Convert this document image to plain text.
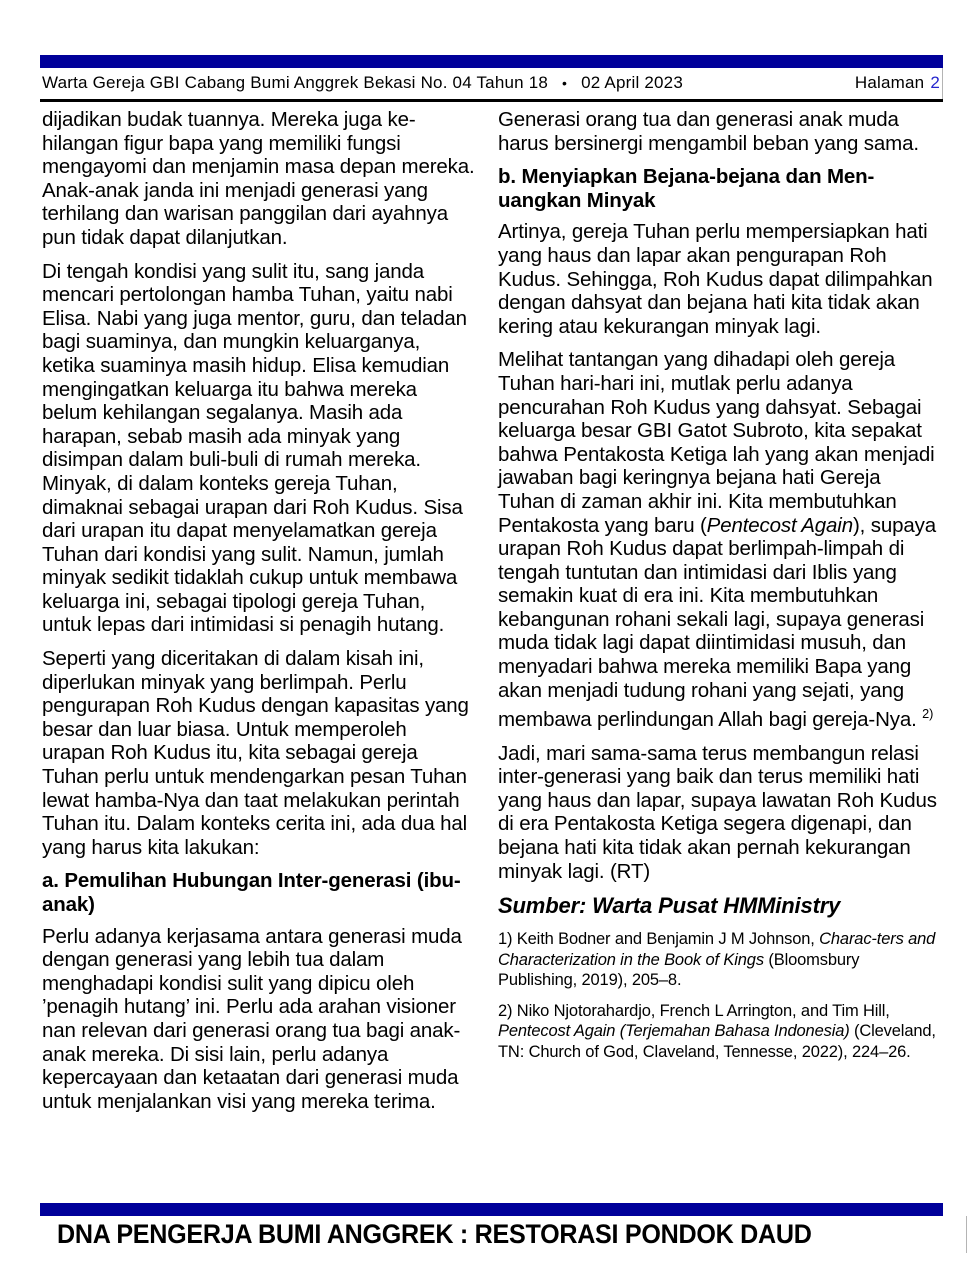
Warta Gereja GBI Cabang Bumi Anggrek Bekasi No. 04 Tahun 18 • 02 April 2023	Halaman 2

dijadikan budak tuannya. Mereka juga ke-hilangan figur bapa yang memiliki fungsi mengayomi dan menjamin masa depan mereka. Anak-anak janda ini menjadi generasi yang terhilang dan warisan panggilan dari ayahnya pun tidak dapat dilanjutkan.

Di tengah kondisi yang sulit itu, sang janda mencari pertolongan hamba Tuhan, yaitu nabi Elisa. Nabi yang juga mentor, guru, dan teladan bagi suaminya, dan mungkin keluarganya, ketika suaminya masih hidup. Elisa kemudian mengingatkan keluarga itu bahwa mereka belum kehilangan segalanya. Masih ada harapan, sebab masih ada minyak yang disimpan dalam buli-buli di rumah mereka. Minyak, di dalam konteks gereja Tuhan, dimaknai sebagai urapan dari Roh Kudus. Sisa dari urapan itu dapat menyelamatkan gereja Tuhan dari kondisi yang sulit. Namun, jumlah minyak sedikit tidaklah cukup untuk membawa keluarga ini, sebagai tipologi gereja Tuhan, untuk lepas dari intimidasi si penagih hutang.

Seperti yang diceritakan di dalam kisah ini, diperlukan minyak yang berlimpah. Perlu pengurapan Roh Kudus dengan kapasitas yang besar dan luar biasa. Untuk memperoleh urapan Roh Kudus itu, kita sebagai gereja Tuhan perlu untuk mendengarkan pesan Tuhan lewat hamba-Nya dan taat melakukan perintah Tuhan itu. Dalam konteks cerita ini, ada dua hal yang harus kita lakukan:

a. Pemulihan Hubungan Inter-generasi (ibu-anak)

Perlu adanya kerjasama antara generasi muda dengan generasi yang lebih tua dalam menghadapi kondisi sulit yang dipicu oleh ’penagih hutang’ ini. Perlu ada arahan visioner nan relevan dari generasi orang tua bagi anak-anak mereka. Di sisi lain, perlu adanya kepercayaan dan ketaatan dari generasi muda untuk menjalankan visi yang mereka terima.

Generasi orang tua dan generasi anak muda harus bersinergi mengambil beban yang sama.

b. Menyiapkan Bejana-bejana dan Men-uangkan Minyak

Artinya, gereja Tuhan perlu mempersiapkan hati yang haus dan lapar akan pengurapan Roh Kudus. Sehingga, Roh Kudus dapat dilimpahkan dengan dahsyat dan bejana hati kita tidak akan kering atau kekurangan minyak lagi.

Melihat tantangan yang dihadapi oleh gereja Tuhan hari-hari ini, mutlak perlu adanya pencurahan Roh Kudus yang dahsyat. Sebagai keluarga besar GBI Gatot Subroto, kita sepakat bahwa Pentakosta Ketiga lah yang akan menjadi jawaban bagi keringnya bejana hati Gereja Tuhan di zaman akhir ini. Kita membutuhkan Pentakosta yang baru (Pentecost Again), supaya urapan Roh Kudus dapat berlimpah-limpah di tengah tuntutan dan intimidasi dari Iblis yang semakin kuat di era ini. Kita membutuhkan kebangunan rohani sekali lagi, supaya generasi muda tidak lagi dapat diintimidasi musuh, dan menyadari bahwa mereka memiliki Bapa yang akan menjadi tudung rohani yang sejati, yang membawa perlindungan Allah bagi gereja-Nya. $^{2)}$

Jadi, mari sama-sama terus membangun relasi inter-generasi yang baik dan terus memiliki hati yang haus dan lapar, supaya lawatan Roh Kudus di era Pentakosta Ketiga segera digenapi, dan bejana hati kita tidak akan pernah kekurangan minyak lagi. (RT)

Sumber: Warta Pusat HMMinistry

1) Keith Bodner and Benjamin J M Johnson, Charac-ters and Characterization in the Book of Kings (Bloomsbury Publishing, 2019), 205–8.

2) Niko Njotorahardjo, French L Arrington, and Tim Hill, Pentecost Again (Terjemahan Bahasa Indonesia) (Cleveland, TN: Church of God, Claveland, Tennesse, 2022), 224–26.

DNA PENGERJA BUMI ANGGREK : RESTORASI PONDOK DAUD
